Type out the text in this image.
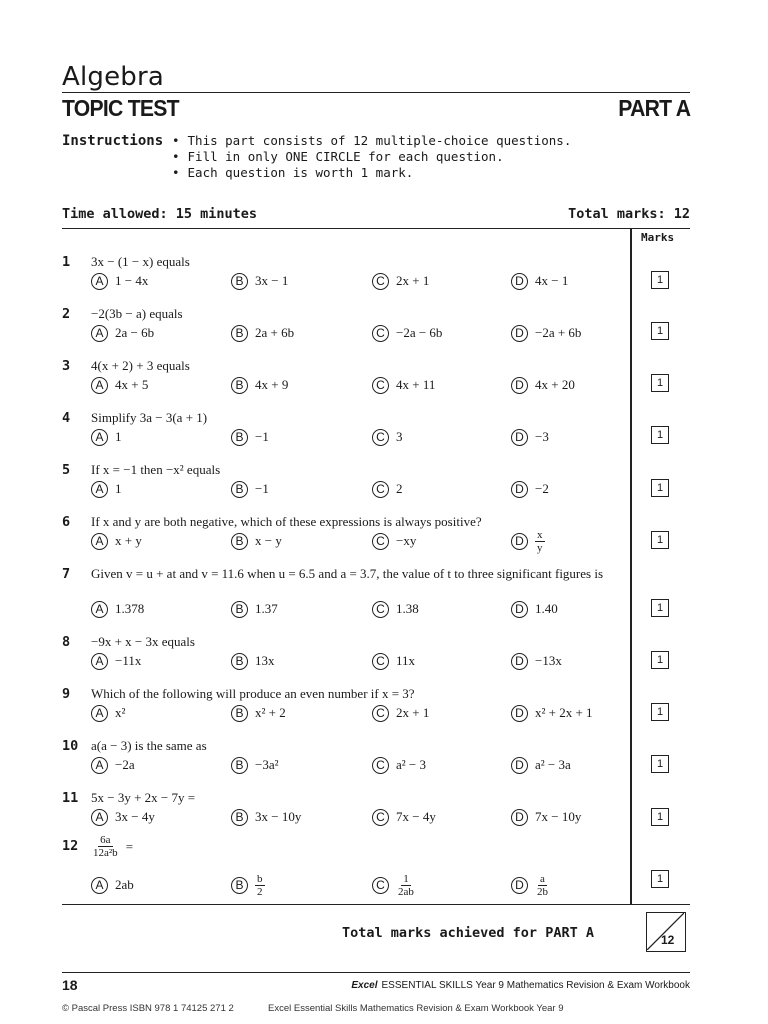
Algebra
TOPIC TEST	PART A
Instructions
•	This part consists of 12 multiple-choice questions.
• Fill in only ONE CIRCLE for each question.
• Each question is worth 1 mark.
Time allowed: 15 minutes	Total marks: 12
Marks
1 3x − (1 − x) equals
A 1 − 4x	B 3x − 1	C 2x + 1	D 4x − 1	1
2 −2(3b − a) equals
A 2a − 6b	B 2a + 6b	C −2a − 6b	D −2a + 6b	1
3 4(x + 2) + 3 equals
A 4x + 5	B 4x + 9	C 4x + 11	D 4x + 20	1
4 Simplify 3a − 3(a + 1)
A 1	B −1	C 3	D −3	1
5 If x = −1 then −x² equals
A 1	B −1	C 2	D −2	1
6 If x and y are both negative, which of these expressions is always positive?
A x + y	B x − y	C −xy	D	$\frac{x}{y}$	1
7 Given v = u + at and v = 11.6 when u = 6.5 and a = 3.7, the value of t to three significant figures is
A 1.378	B 1.37	C 1.38	D 1.40	1
8 −9x + x − 3x equals
A −11x	B 13x	C 11x	D −13x	1
9 Which of the following will produce an even number if x = 3?
A x²	B x² + 2	C 2x + 1	D x² + 2x + 1	1
10 a(a − 3) is the same as
A −2a	B −3a²	C a² − 3	D a² − 3a	1
11 5x − 3y + 2x − 7y =
A 3x − 4y	B 3x − 10y	C 7x − 4y	D 7x − 10y	1
$12 \frac{6a}{\text{12a²b}}$ =
A 2ab	B	$\frac{b}{2}$	C	$\frac{1}{2ab}$	D	$\frac{a}{2b}$	1
Total marks achieved for PART A	12
18	Excel ESSENTIAL SKILLS Year 9 Mathematics Revision & Exam Workbook
© Pascal Press ISBN 978 1 74125 271 2	Excel Essential Skills Mathematics Revision & Exam Workbook Year 9
